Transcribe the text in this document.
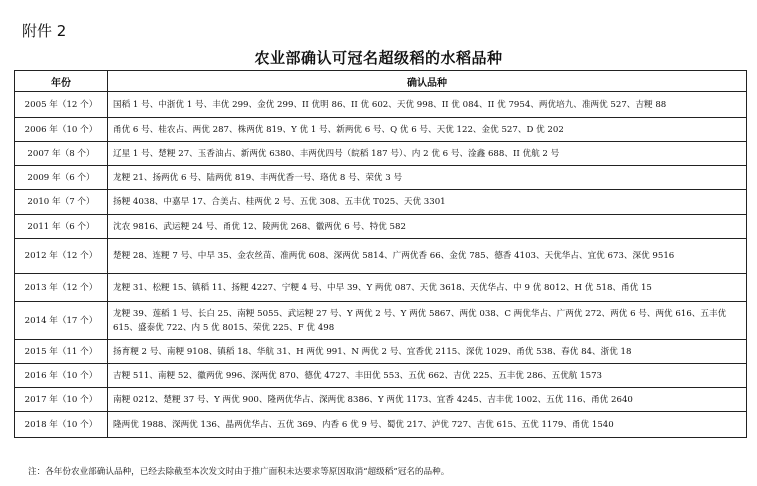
附件 2
农业部确认可冠名超级稻的水稻品种
年份	确认品种
2005 年（12 个）	国稻 1 号、中浙优 1 号、丰优 299、金优 299、II 优明 86、II 优 602、天优 998、II 优 084、II 优 7954、两优培九、准两优 527、吉粳 88
2006 年（10 个）	甬优 6 号、桂农占、两优 287、株两优 819、Y 优 1 号、新两优 6 号、Q 优 6 号、天优 122、金优 527、D 优 202
2007 年（8 个）	辽星 1 号、楚粳 27、玉香油占、新两优 6380、丰两优四号（皖稻 187 号）、内 2 优 6 号、淦鑫 688、II 优航 2 号
2009 年（6 个）	龙粳 21、扬两优 6 号、陆两优 819、丰两优香一号、珞优 8 号、荣优 3 号
2010 年（7 个）	扬粳 4038、中嘉早 17、合美占、桂两优 2 号、五优 308、五丰优 T025、天优 3301
2011 年（6 个）	沈农 9816、武运粳 24 号、甬优 12、陵两优 268、徽两优 6 号、特优 582
2012 年（12 个）	楚粳 28、连粳 7 号、中早 35、金农丝苗、准两优 608、深两优 5814、广两优香 66、金优 785、德香 4103、天优华占、宜优 673、深优 9516
2013 年（12 个）	龙粳 31、松粳 15、镇稻 11、扬粳 4227、宁粳 4 号、中早 39、Y 两优 087、天优 3618、天优华占、中 9 优 8012、H 优 518、甬优 15
2014 年（17 个）	龙粳 39、莲稻 1 号、长白 25、南粳 5055、武运粳 27 号、Y 两优 2 号、Y 两优 5867、两优 038、C 两优华占、广两优 272、两优 6 号、两优 616、五丰优 615、盛泰优 722、内 5 优 8015、荣优 225、F 优 498
2015 年（11 个）	扬育粳 2 号、南粳 9108、镇稻 18、华航 31、H 两优 991、N 两优 2 号、宜香优 2115、深优 1029、甬优 538、春优 84、浙优 18
2016 年（10 个）	吉粳 511、南粳 52、徽两优 996、深两优 870、德优 4727、丰田优 553、五优 662、吉优 225、五丰优 286、五优航 1573
2017 年（10 个）	南粳 0212、楚粳 37 号、Y 两优 900、隆两优华占、深两优 8386、Y 两优 1173、宜香 4245、吉丰优 1002、五优 116、甬优 2640
2018 年（10 个）	隆两优 1988、深两优 136、晶两优华占、五优 369、内香 6 优 9 号、蜀优 217、泸优 727、吉优 615、五优 1179、甬优 1540
注：各年份农业部确认品种，已经去除截至本次发文时由于推广面积未达要求等原因取消“超级稻”冠名的品种。
